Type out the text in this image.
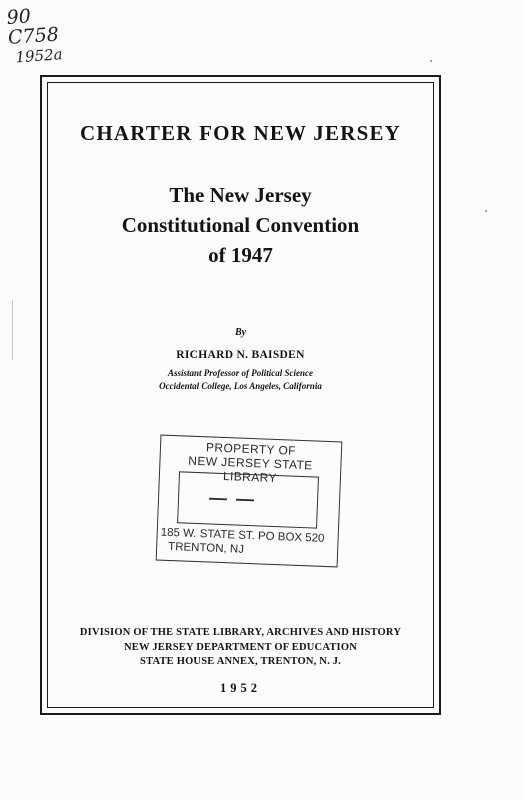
90
C758
1952a
CHARTER FOR NEW JERSEY
The New Jersey
Constitutional Convention
of 1947
By
RICHARD N. BAISDEN
Assistant Professor of Political Science
Occidental College, Los Angeles, California
PROPERTY OF
NEW JERSEY STATE LIBRARY
— —
185 W. STATE ST. PO BOX 520
TRENTON, NJ
DIVISION OF THE STATE LIBRARY, ARCHIVES AND HISTORY
NEW JERSEY DEPARTMENT OF EDUCATION
STATE HOUSE ANNEX, TRENTON, N. J.
1952
